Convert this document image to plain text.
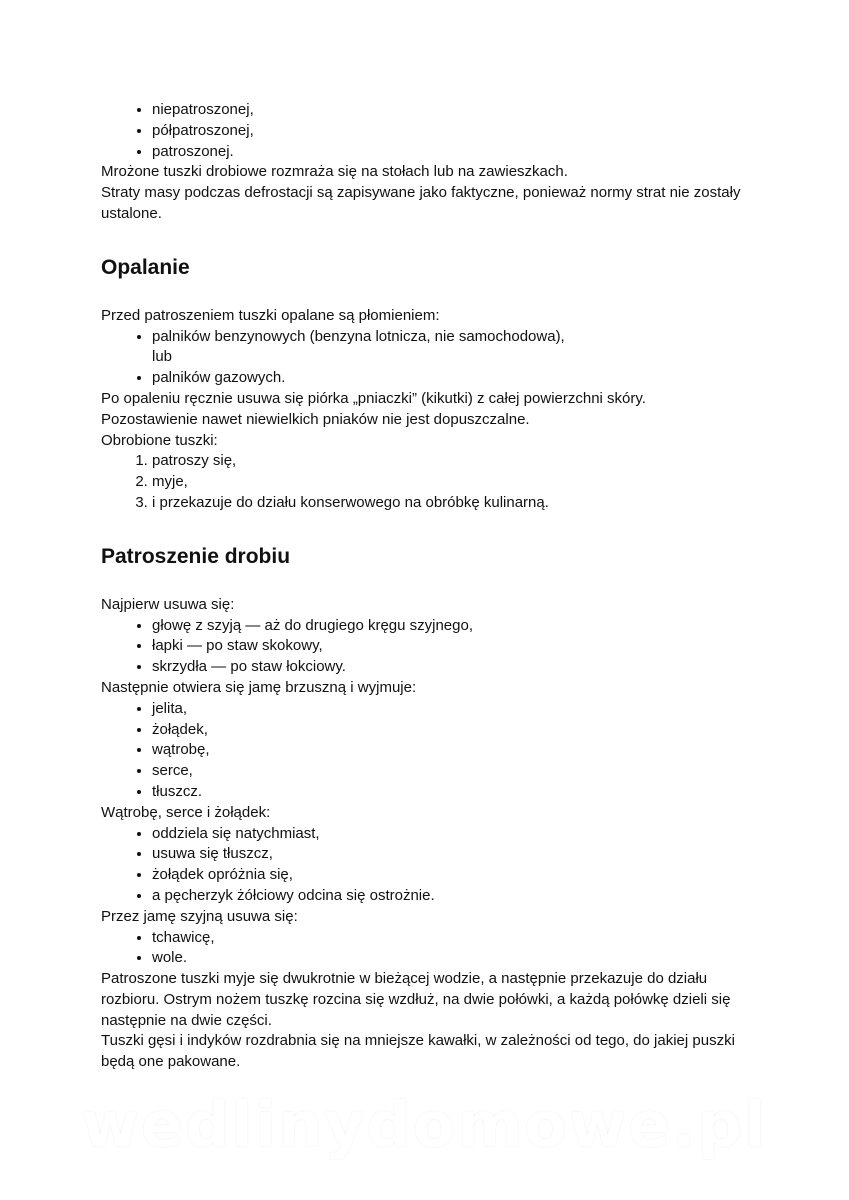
• niepatroszonej,
• półpatroszonej,
• patroszonej.

Mrożone tuszki drobiowe rozmraża się na stołach lub na zawieszkach.

Straty masy podczas defrostacji są zapisywane jako faktyczne, ponieważ normy strat nie zostały ustalone.

Opalanie

Przed patroszeniem tuszki opalane są płomieniem:

• palników benzynowych (benzyna lotnicza, nie samochodowa),
lub
• palników gazowych.

Po opaleniu ręcznie usuwa się piórka „pniaczki” (kikutki) z całej powierzchni skóry.

Pozostawienie nawet niewielkich pniaków nie jest dopuszczalne.

Obrobione tuszki:

1. patroszy się,
2. myje,
3. i przekazuje do działu konserwowego na obróbkę kulinarną.
Patroszenie drobiu

Najpierw usuwa się:

• głowę z szyją — aż do drugiego kręgu szyjnego,
• łapki — po staw skokowy,
• skrzydła — po staw łokciowy.

Następnie otwiera się jamę brzuszną i wyjmuje:

• jelita,
• żołądek,
• wątrobę,
• serce,
• tłuszcz.

Wątrobę, serce i żołądek:

• oddziela się natychmiast,
• usuwa się tłuszcz,
• żołądek opróżnia się,
• a pęcherzyk żółciowy odcina się ostrożnie.

Przez jamę szyjną usuwa się:

• tchawicę,
• wole.

Patroszone tuszki myje się dwukrotnie w bieżącej wodzie, a następnie przekazuje do działu rozbioru. Ostrym nożem tuszkę rozcina się wzdłuż, na dwie połówki, a każdą połówkę dzieli się następnie na dwie części.

Tuszki gęsi i indyków rozdrabnia się na mniejsze kawałki, w zależności od tego, do jakiej puszki będą one pakowane.

wedlinydomowe.pl
